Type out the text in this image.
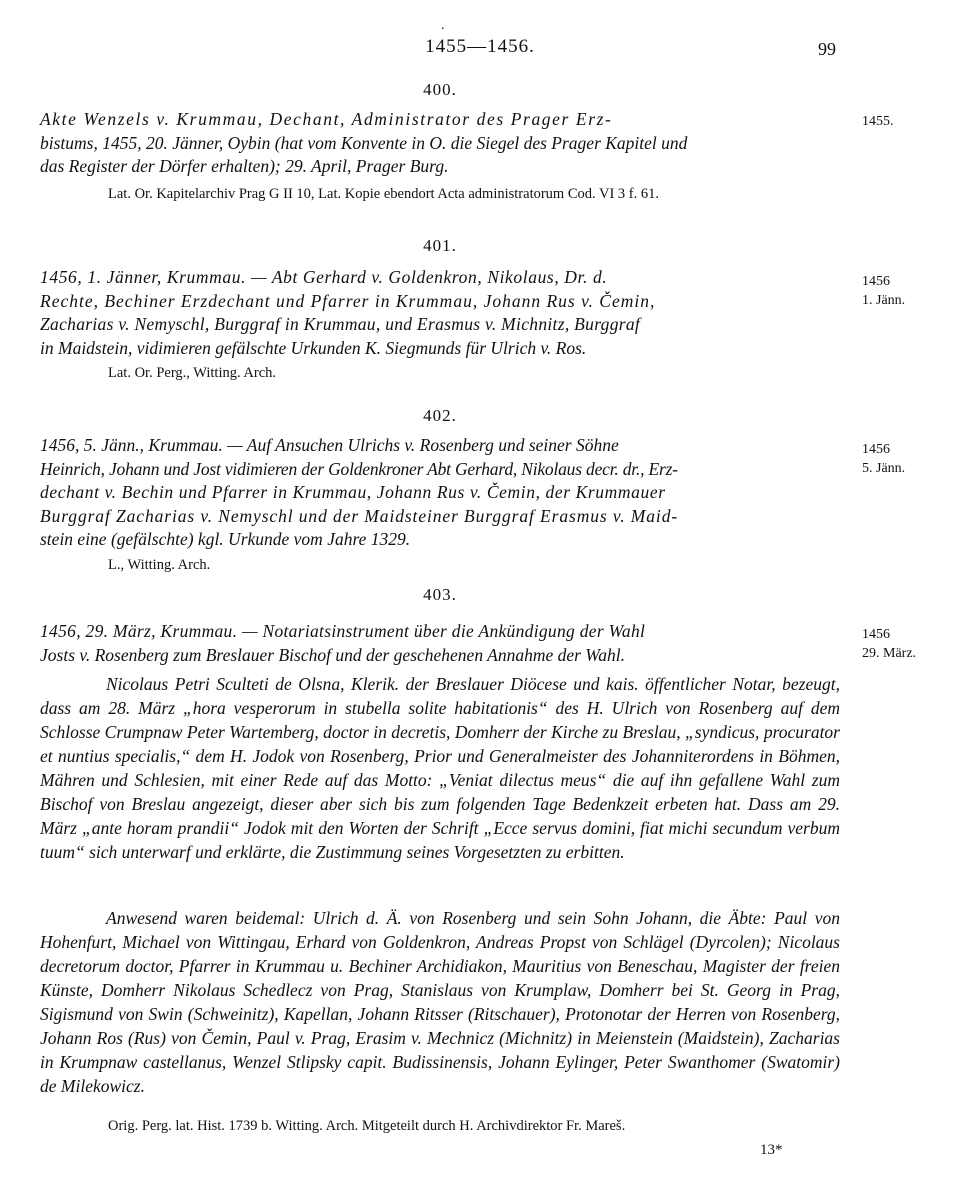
.
1455—1456.	99
400.
1455.
Akte Wenzels v. Krummau, Dechant, Administrator des Prager Erz-
bistums, 1455, 20. Jänner, Oybin (hat vom Konvente in O. die Siegel des Prager Kapitel und
das Register der Dörfer erhalten); 29. April, Prager Burg.
Lat. Or. Kapitelarchiv Prag G II 10, Lat. Kopie ebendort Acta administratorum Cod. VI 3 f. 61.
401.
1456
1. Jänn.
1456, 1. Jänner, Krummau. — Abt Gerhard v. Goldenkron, Nikolaus, Dr. d.
Rechte, Bechiner Erzdechant und Pfarrer in Krummau, Johann Rus v. Čemin,
Zacharias v. Nemyschl, Burggraf in Krummau, und Erasmus v. Michnitz, Burggraf
in Maidstein, vidimieren gefälschte Urkunden K. Siegmunds für Ulrich v. Ros.
Lat. Or. Perg., Witting. Arch.
402.
1456
5. Jänn.
1456, 5. Jänn., Krummau. — Auf Ansuchen Ulrichs v. Rosenberg und seiner Söhne
Heinrich, Johann und Jost vidimieren der Goldenkroner Abt Gerhard, Nikolaus decr. dr., Erz-
dechant v. Bechin und Pfarrer in Krummau, Johann Rus v. Čemin, der Krummauer
Burggraf Zacharias v. Nemyschl und der Maidsteiner Burggraf Erasmus v. Maid-
stein eine (gefälschte) kgl. Urkunde vom Jahre 1329.
L., Witting. Arch.
403.
1456
29. März.
1456, 29. März, Krummau. — Notariatsinstrument über die Ankündigung der Wahl
Josts v. Rosenberg zum Breslauer Bischof und der geschehenen Annahme der Wahl.
Nicolaus Petri Sculteti de Olsna, Klerik. der Breslauer Diöcese und kais. öffentlicher Notar, bezeugt, dass am 28. März „hora vesperorum in stubella solite habitationis“ des H. Ulrich von Rosenberg auf dem Schlosse Crumpnaw Peter Wartemberg, doctor in decretis, Domherr der Kirche zu Breslau, „syndicus, procurator et nuntius specialis,“ dem H. Jodok von Rosenberg, Prior und Generalmeister des Johanniterordens in Böhmen, Mähren und Schlesien, mit einer Rede auf das Motto: „Veniat dilectus meus“ die auf ihn gefallene Wahl zum Bischof von Breslau angezeigt, dieser aber sich bis zum folgenden Tage Bedenkzeit erbeten hat. Dass am 29. März „ante horam prandii“ Jodok mit den Worten der Schrift „Ecce servus domini, fiat michi secundum verbum tuum“ sich unterwarf und erklärte, die Zustimmung seines Vorgesetzten zu erbitten.
Anwesend waren beidemal: Ulrich d. Ä. von Rosenberg und sein Sohn Johann, die Äbte: Paul von Hohenfurt, Michael von Wittingau, Erhard von Goldenkron, Andreas Propst von Schlägel (Dyrcolen); Nicolaus decretorum doctor, Pfarrer in Krummau u. Bechiner Archidiakon, Mauritius von Beneschau, Magister der freien Künste, Domherr Nikolaus Schedlecz von Prag, Stanislaus von Krumplaw, Domherr bei St. Georg in Prag, Sigismund von Swin (Schweinitz), Kapellan, Johann Ritsser (Ritschauer), Protonotar der Herren von Rosenberg, Johann Ros (Rus) von Čemin, Paul v. Prag, Erasim v. Mechnicz (Michnitz) in Meienstein (Maidstein), Zacharias in Krumpnaw castellanus, Wenzel Stlipsky capit. Budissinensis, Johann Eylinger, Peter Swanthomer (Swatomir) de Milekowicz.
Orig. Perg. lat. Hist. 1739 b. Witting. Arch. Mitgeteilt durch H. Archivdirektor Fr. Mareš.
13*
